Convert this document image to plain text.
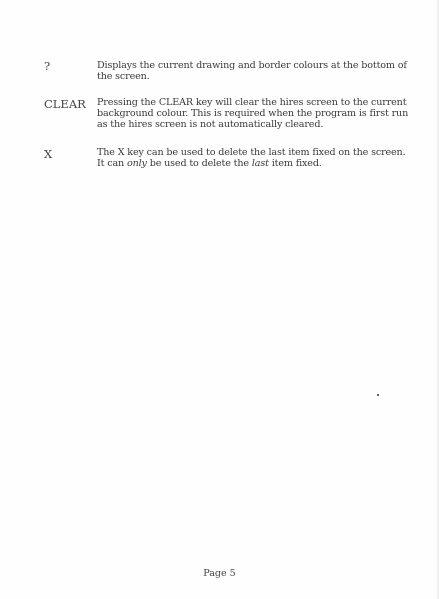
?	Displays the current drawing and border colours at the bottom of
the screen.
CLEAR Pressing the CLEAR key will clear the hires screen to the current
background colour. This is required when the program is first run
as the hires screen is not automatically cleared.
X	The X key can be used to delete the last item fixed on the screen.
It can only be used to delete the last item fixed.
Page 5
